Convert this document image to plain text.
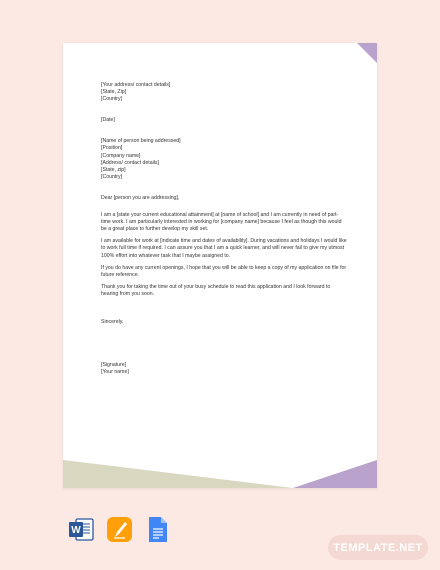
[Your address/ contact details]

[State, Zip]

[Country]

[Date]

[Name of person being addressed]

[Position]

[Company name]

[Address/ contact details]

[State, zip]

[Country]

Dear [person you are addressing],

I am a [state your current educational attainment] at [name of school] and I am currently in need of part-time work. I am particularly interested in working for [company name] because I feel as though this would be a great place to further develop my skill set.

I am available for work at [indicate time and dates of availability]. During vacations and holidays I would like to work full time if required. I can assure you that I am a quick learner, and will never fail to give my utmost 100% effort into whatever task that I maybe assigned to.

If you do have any current openings, I hope that you will be able to keep a copy of my application on file for future reference.

Thank you for taking the time out of your busy schedule to read this application and I look forward to hearing from you soon.

Sincerely,

[Signature]

[Your name]

W
TEMPLATE.NET
